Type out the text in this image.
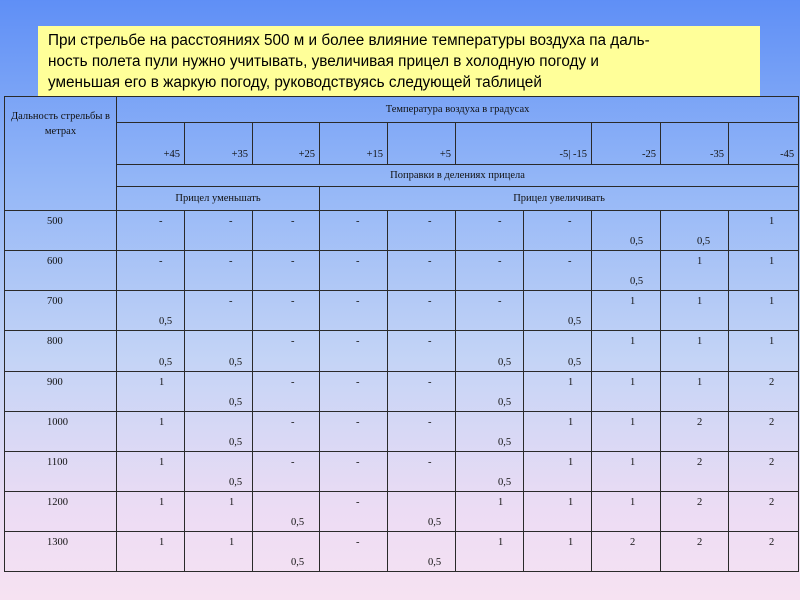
При стрельбе на расстояниях 500 м и более влияние температуры воздуха па даль-
ность полета пули нужно учитывать, увеличивая прицел в холодную погоду и
уменьшая его в жаркую погоду, руководствуясь следующей таблицей

Дальность стрельбы в метрах	Температура воздуха в градусах									
	+45	+35	+25	+15	+5	-5| -15		-25	-35	-45
	Поправки в делениях прицела									
	Прицел уменьшать			Прицел увеличивать						
500	-	-	-	-	-	-	-	0,5	0,5	1

600	-	-	-	-	-	-	-	0,5	1	1

700	0,5	-	-	-	-	-	0,5	1	1	1

800	0,5	0,5	-	-	-	0,5	0,5	1	1	1

900	1	0,5	-	-	-	0,5	1	1	1	2

1000	1	0,5	-	-	-	0,5	1	1	2	2

1100	1	0,5	-	-	-	0,5	1	1	2	2

1200	1	1	0,5	-	0,5	1	1	1	2	2

1300	1	1	0,5	-	0,5	1	1	2	2	2
